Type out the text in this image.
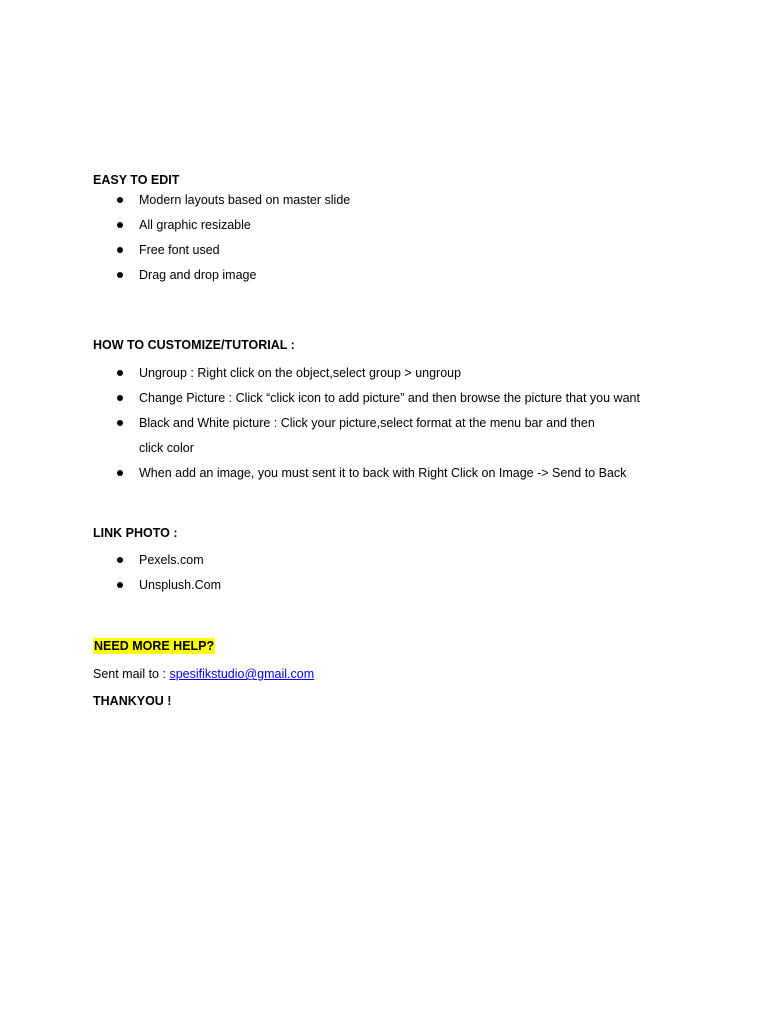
EASY TO EDIT

Modern layouts based on master slide
All graphic resizable
Free font used
Drag and drop image

HOW TO CUSTOMIZE/TUTORIAL :

Ungroup : Right click on the object,select group > ungroup
Change Picture : Click “click icon to add picture” and then browse the picture that you want
Black and White picture : Click your picture,select format at the menu bar and then
click color
When add an image, you must sent it to back with Right Click on Image -> Send to Back

LINK PHOTO :

Pexels.com
Unsplush.Com

NEED MORE HELP?

Sent mail to : spesifikstudio@gmail.com

THANKYOU !
